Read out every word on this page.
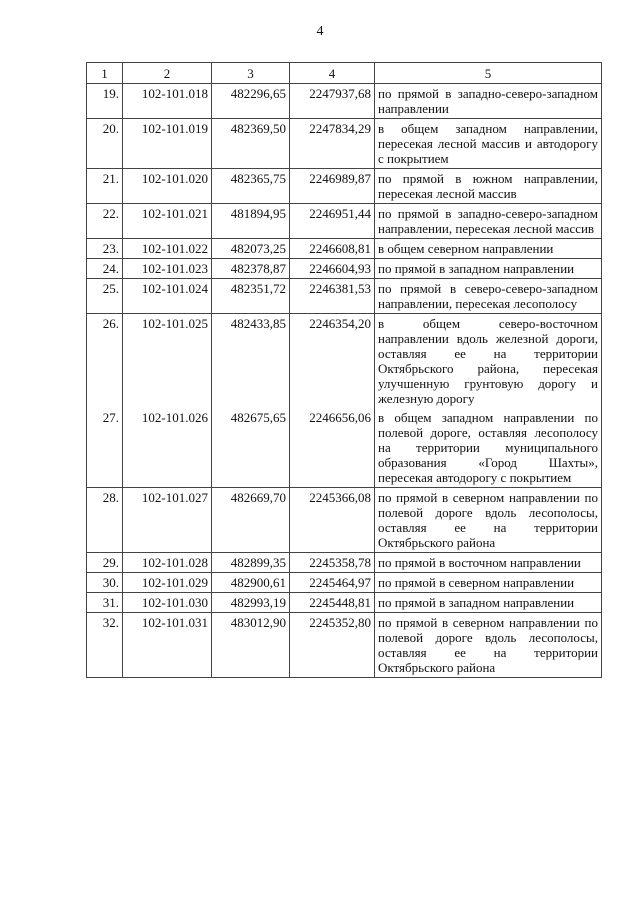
4
1	2	3	4	5
19.	102-101.018	482296,65	2247937,68	по прямой в западно-северо-западном направлении
20.	102-101.019	482369,50	2247834,29	в общем западном направлении, пересекая лесной массив и автодорогу с покрытием
21.	102-101.020	482365,75	2246989,87	по прямой в южном направлении, пересекая лесной массив
22.	102-101.021	481894,95	2246951,44	по прямой в западно-северо-западном направлении, пересекая лесной массив
23.	102-101.022	482073,25	2246608,81	в общем северном направлении
24.	102-101.023	482378,87	2246604,93	по прямой в западном направлении
25.	102-101.024	482351,72	2246381,53	по прямой в северо-северо-западном направлении, пересекая лесополосу
26.	102-101.025	482433,85	2246354,20	в общем северо-восточном направлении вдоль железной дороги, оставляя ее на территории Октябрьского района, пересекая улучшенную грунтовую дорогу и железную дорогу
27.	102-101.026	482675,65	2246656,06	в общем западном направлении по полевой дороге, оставляя лесополосу на территории муниципального образования «Город Шахты», пересекая автодорогу с покрытием
28.	102-101.027	482669,70	2245366,08	по прямой в северном направлении по полевой дороге вдоль лесополосы, оставляя ее на территории Октябрьского района
29.	102-101.028	482899,35	2245358,78	по прямой в восточном направлении
30.	102-101.029	482900,61	2245464,97	по прямой в северном направлении
31.	102-101.030	482993,19	2245448,81	по прямой в западном направлении
32.	102-101.031	483012,90	2245352,80	по прямой в северном направлении по полевой дороге вдоль лесополосы, оставляя ее на территории Октябрьского района
